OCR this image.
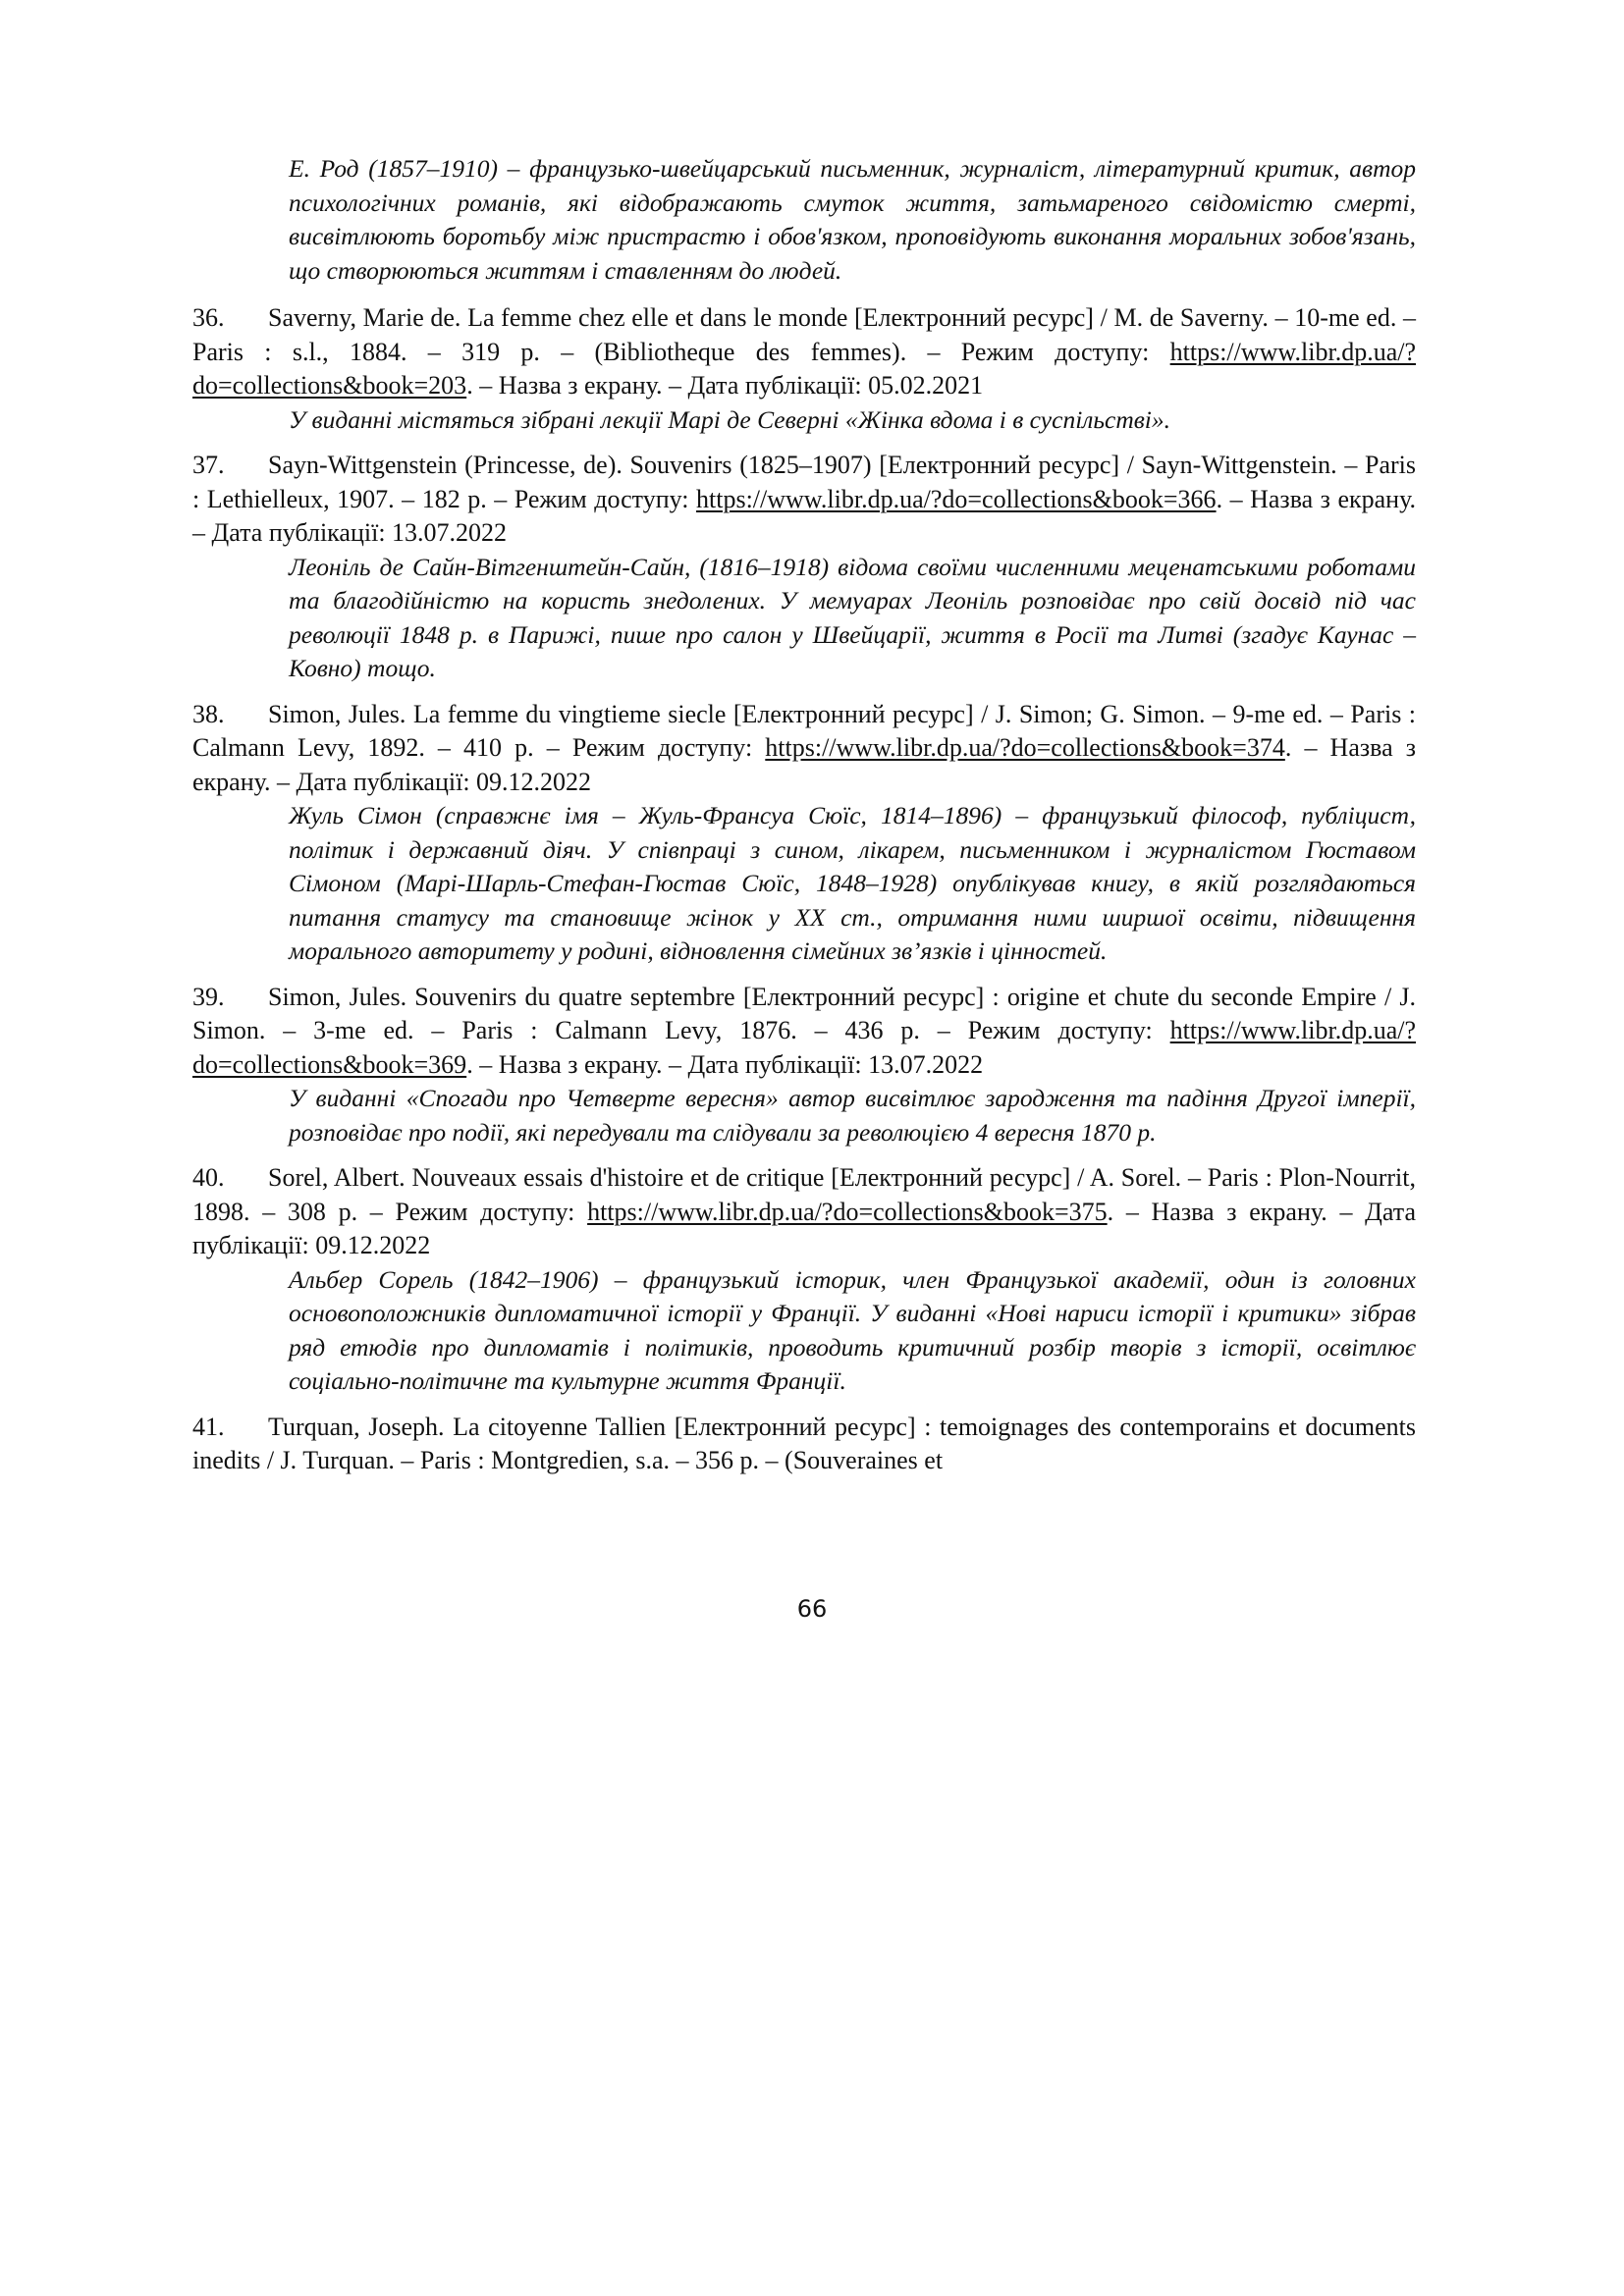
Е. Род (1857–1910) – французько-швейцарський письменник, журналіст, літературний критик, автор психологічних романів, які відображають смуток життя, затьмареного свідомістю смерті, висвітлюють боротьбу між пристрастю і обов'язком, проповідують виконання моральних зобов'язань, що створюються життям і ставленням до людей.
36. Saverny, Marie de. La femme chez elle et dans le monde [Електронний ресурс] / M. de Saverny. – 10-me ed. – Paris : s.l., 1884. – 319 p. – (Bibliotheque des femmes). – Режим доступу: https://www.libr.dp.ua/?do=collections&book=203. – Назва з екрану. – Дата публікації: 05.02.2021
У виданні містяться зібрані лекції Марі де Северні «Жінка вдома і в суспільстві».
37. Sayn-Wittgenstein (Princesse, de). Souvenirs (1825–1907) [Електронний ресурс] / Sayn-Wittgenstein. – Paris : Lethielleux, 1907. – 182 p. – Режим доступу: https://www.libr.dp.ua/?do=collections&book=366. – Назва з екрану. – Дата публікації: 13.07.2022
Леоніль де Сайн-Вітгенштейн-Сайн, (1816–1918) відома своїми численними меценатськими роботами та благодійністю на користь знедолених. У мемуарах Леоніль розповідає про свій досвід під час революції 1848 р. в Парижі, пише про салон у Швейцарії, життя в Росії та Литві (згадує Каунас – Ковно) тощо.
38. Simon, Jules. La femme du vingtieme siecle [Електронний ресурс] / J. Simon; G. Simon. – 9-me ed. – Paris : Calmann Levy, 1892. – 410 p. – Режим доступу: https://www.libr.dp.ua/?do=collections&book=374. – Назва з екрану. – Дата публікації: 09.12.2022
Жуль Сімон (справжнє імя – Жуль-Франсуа Сюїс, 1814–1896) – французький філософ, публіцист, політик і державний діяч. У співпраці з сином, лікарем, письменником і журналістом Гюставом Сімоном (Марі-Шарль-Стефан-Гюстав Сюїс, 1848–1928) опублікував книгу, в якій розглядаються питання статусу та становище жінок у ХХ ст., отримання ними ширшої освіти, підвищення морального авторитету у родині, відновлення сімейних зв’язків і цінностей.
39. Simon, Jules. Souvenirs du quatre septembre [Електронний ресурс] : origine et chute du seconde Empire / J. Simon. – 3-me ed. – Paris : Calmann Levy, 1876. – 436 p. – Режим доступу: https://www.libr.dp.ua/?do=collections&book=369. – Назва з екрану. – Дата публікації: 13.07.2022
У виданні «Спогади про Четверте вересня» автор висвітлює зародження та падіння Другої імперії, розповідає про події, які передували та слідували за революцією 4 вересня 1870 р.
40. Sorel, Albert. Nouveaux essais d'histoire et de critique [Електронний ресурс] / A. Sorel. – Paris : Plon-Nourrit, 1898. – 308 p. – Режим доступу: https://www.libr.dp.ua/?do=collections&book=375. – Назва з екрану. – Дата публікації: 09.12.2022
Альбер Сорель (1842–1906) – французький історик, член Французької академії, один із головних основоположників дипломатичної історії у Франції. У виданні «Нові нариси історії і критики» зібрав ряд етюдів про дипломатів і політиків, проводить критичний розбір творів з історії, освітлює соціально-політичне та культурне життя Франції.
41. Turquan, Joseph. La citoyenne Tallien [Електронний ресурс] : temoignages des contemporains et documents inedits / J. Turquan. – Paris : Montgredien, s.a. – 356 p. – (Souveraines et
66
